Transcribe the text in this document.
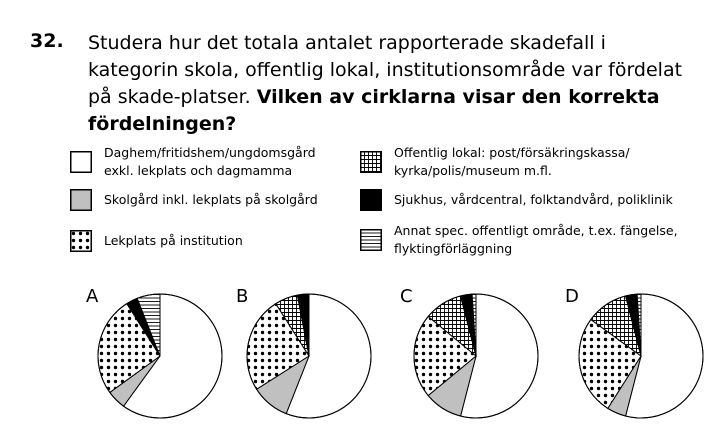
32. Studera hur det totala antalet rapporterade skadefall i kategorin skola, offentlig lokal, institutionsområde var fördelat på skade-platser. Vilken av cirklarna visar den korrekta fördelningen?
Daghem/fritidshem/ungdomsgård
exkl. lekplats och dagmamma
Skolgård inkl. lekplats på skolgård
Lekplats på institution
Offentlig lokal: post/försäkringskassa/
kyrka/polis/museum m.fl.
Sjukhus, vårdcentral, folktandvård, poliklinik
Annat spec. offentligt område, t.ex. fängelse,
flyktingförläggning
A	B	C	D
